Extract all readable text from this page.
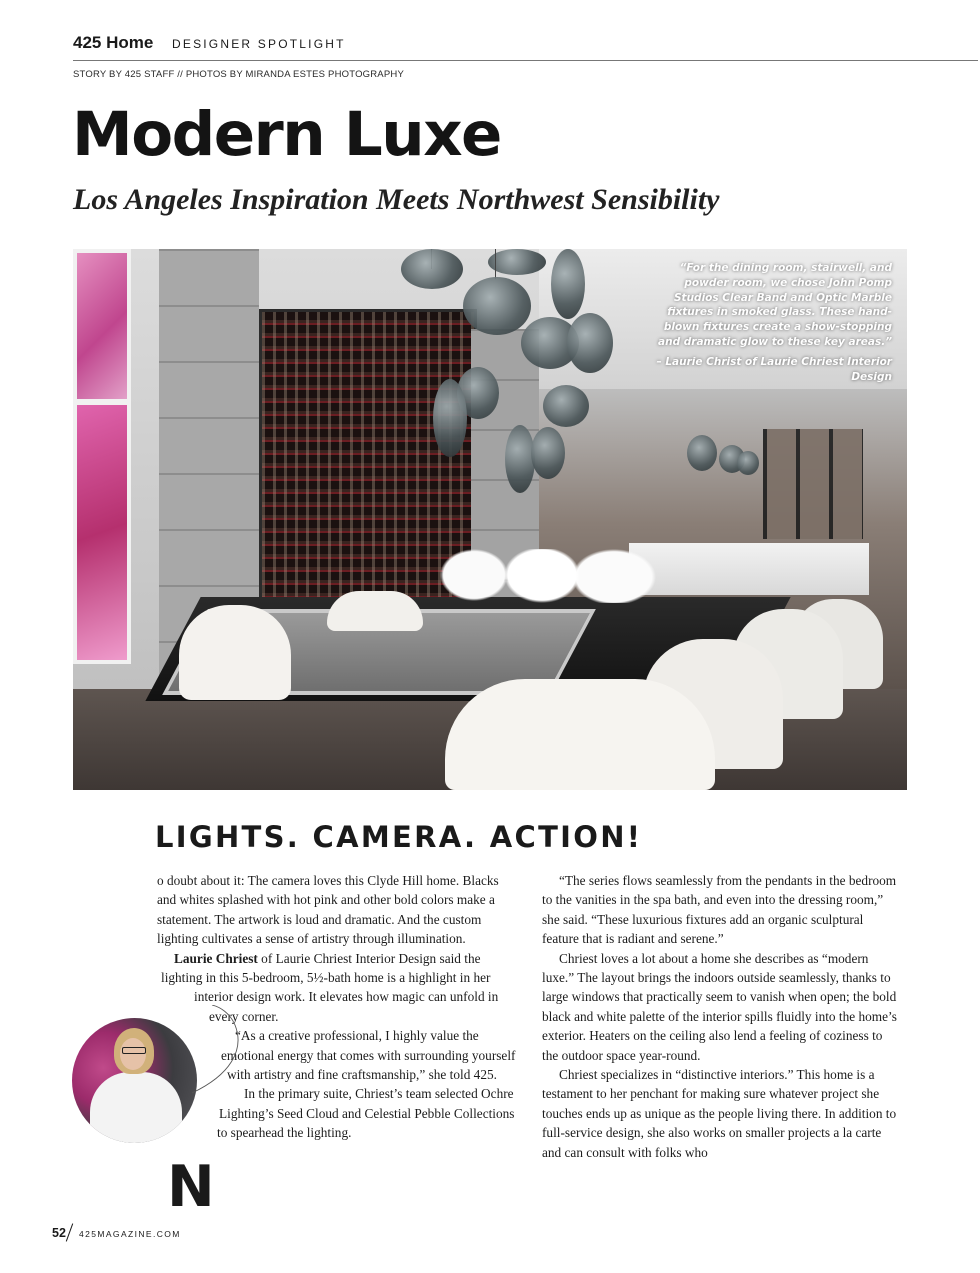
425 Home DESIGNER SPOTLIGHT
STORY BY 425 STAFF // PHOTOS BY MIRANDA ESTES PHOTOGRAPHY
Modern Luxe
Los Angeles Inspiration Meets Northwest Sensibility

“For the dining room, stairwell, and powder room, we chose John Pomp Studios Clear Band and Optic Marble fixtures in smoked glass. These hand-blown fixtures create a show-stopping and dramatic glow to these key areas.”

– Laurie Christ of Laurie Chriest Interior Design

LIGHTS. CAMERA. ACTION!

N
o doubt about it: The camera loves this Clyde Hill home. Blacks and whites splashed with hot pink and other bold colors make a statement. The artwork is loud and dramatic. And the custom lighting cultivates a sense of artistry through illumination.

Laurie Chriest of Laurie Chriest Interior Design said the lighting in this 5-bedroom, 5½-bath home is a highlight in her interior design work. It elevates how magic can unfold in every corner.

“As a creative professional, I highly value the emotional energy that comes with surrounding yourself with artistry and fine craftsmanship,” she told 425.

In the primary suite, Chriest’s team selected Ochre Lighting’s Seed Cloud and Celestial Pebble Collections to spearhead the lighting.

“The series flows seamlessly from the pendants in the bedroom to the vanities in the spa bath, and even into the dressing room,” she said. “These luxurious fixtures add an organic sculptural feature that is radiant and serene.”

Chriest loves a lot about a home she describes as “modern luxe.” The layout brings the indoors outside seamlessly, thanks to large windows that practically seem to vanish when open; the bold black and white palette of the interior spills fluidly into the home’s exterior. Heaters on the ceiling also lend a feeling of coziness to the outdoor space year-round.

Chriest specializes in “distinctive interiors.” This home is a testament to her penchant for making sure whatever project she touches ends up as unique as the people living there. In addition to full-service design, she also works on smaller projects a la carte and can consult with folks who

52 425MAGAZINE.COM
